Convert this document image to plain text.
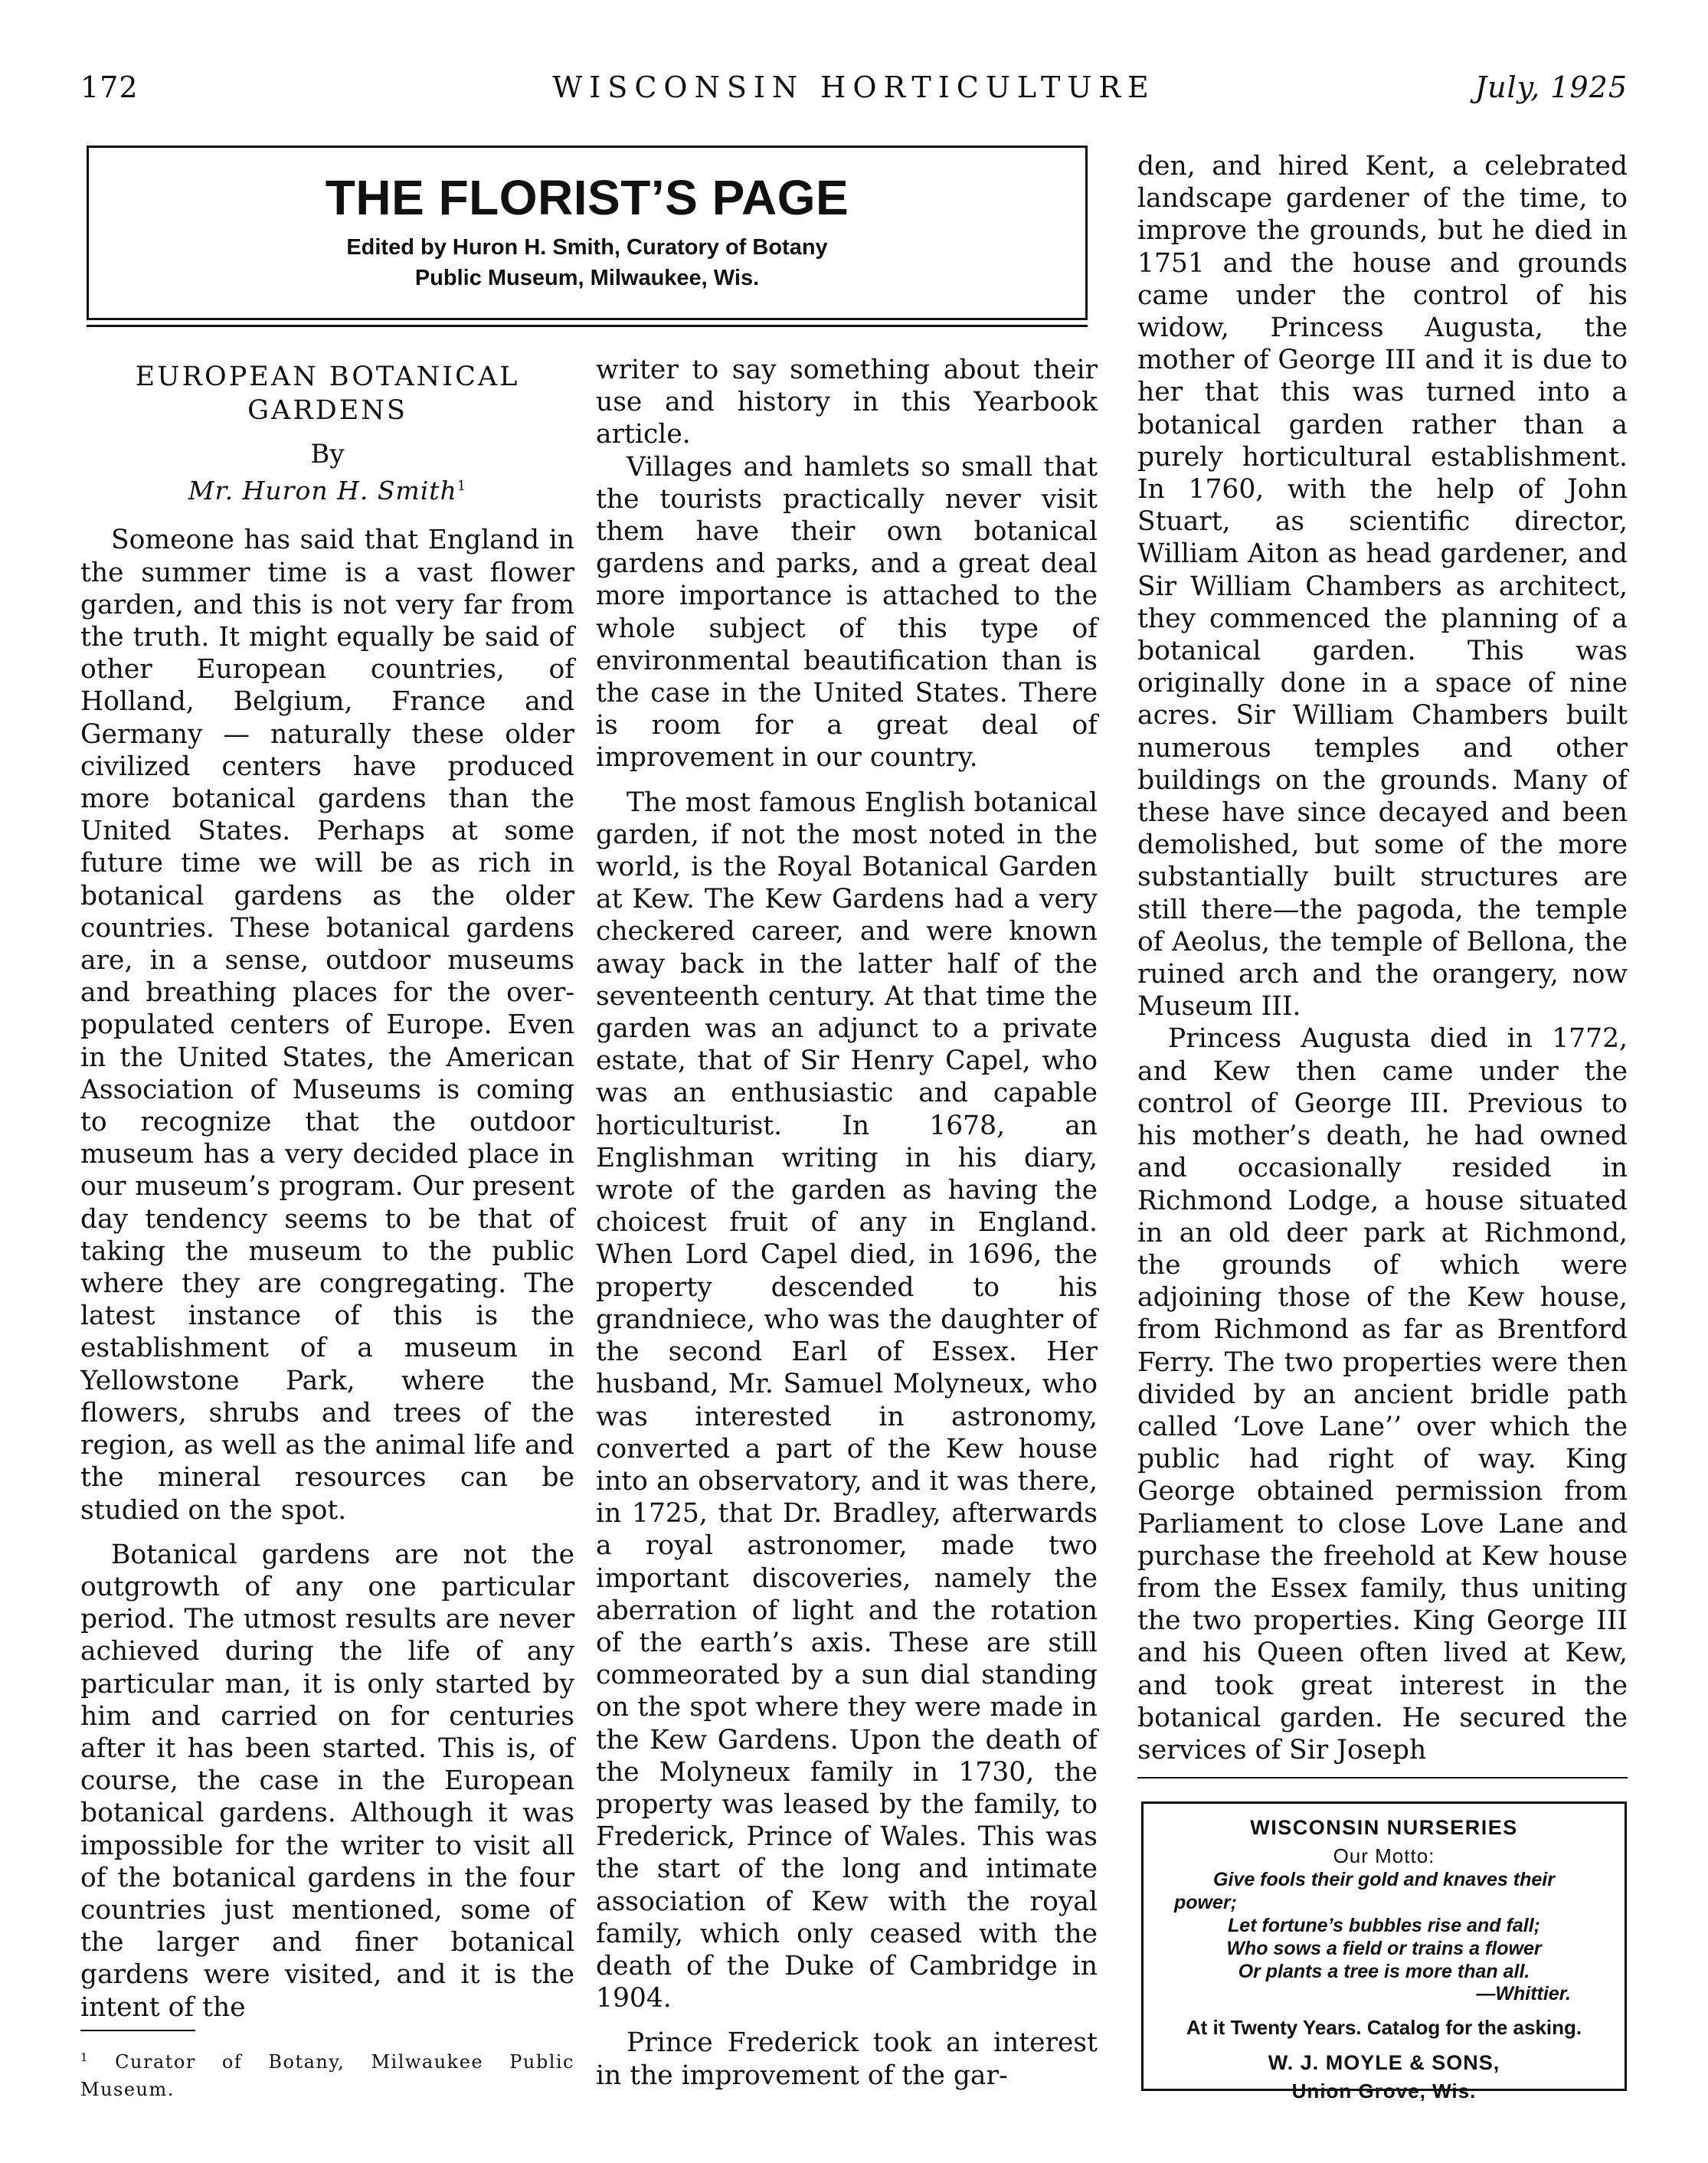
172	WISCONSIN HORTICULTURE	July, 1925
THE FLORIST’S PAGE
Edited by Huron H. Smith, Curatory of Botany
Public Museum, Milwaukee, Wis.
EUROPEAN BOTANICAL
GARDENS
By
Mr. Huron H. Smith$^1$

Someone has said that England in the summer time is a vast flower garden, and this is not very far from the truth. It might equally be said of other European countries, of Holland, Belgium, France and Germany — naturally these older civilized centers have produced more botanical gardens than the United States. Perhaps at some future time we will be as rich in botanical gardens as the older countries. These botanical gardens are, in a sense, outdoor museums and breathing places for the over-populated centers of Europe. Even in the United States, the American Association of Museums is coming to recognize that the outdoor museum has a very decided place in our museum’s program. Our present day tendency seems to be that of taking the museum to the public where they are congregating. The latest instance of this is the establishment of a museum in Yellowstone Park, where the flowers, shrubs and trees of the region, as well as the animal life and the mineral resources can be studied on the spot.

Botanical gardens are not the outgrowth of any one particular period. The utmost results are never achieved during the life of any particular man, it is only started by him and carried on for centuries after it has been started. This is, of course, the case in the European botanical gardens. Although it was impossible for the writer to visit all of the botanical gardens in the four countries just mentioned, some of the larger and finer botanical gardens were visited, and it is the intent of the

$^1$ Curator of Botany, Milwaukee Public Museum.

writer to say something about their use and history in this Yearbook article.

Villages and hamlets so small that the tourists practically never visit them have their own botanical gardens and parks, and a great deal more importance is attached to the whole subject of this type of environmental beautification than is the case in the United States. There is room for a great deal of improvement in our country.

The most famous English botanical garden, if not the most noted in the world, is the Royal Botanical Garden at Kew. The Kew Gardens had a very checkered career, and were known away back in the latter half of the seventeenth century. At that time the garden was an adjunct to a private estate, that of Sir Henry Capel, who was an enthusiastic and capable horticulturist. In 1678, an Englishman writing in his diary, wrote of the garden as having the choicest fruit of any in England. When Lord Capel died, in 1696, the property descended to his grandniece, who was the daughter of the second Earl of Essex. Her husband, Mr. Samuel Molyneux, who was interested in astronomy, converted a part of the Kew house into an observatory, and it was there, in 1725, that Dr. Bradley, afterwards a royal astronomer, made two important discoveries, namely the aberration of light and the rotation of the earth’s axis. These are still commeorated by a sun dial standing on the spot where they were made in the Kew Gardens. Upon the death of the Molyneux family in 1730, the property was leased by the family, to Frederick, Prince of Wales. This was the start of the long and intimate association of Kew with the royal family, which only ceased with the death of the Duke of Cambridge in 1904.

Prince Frederick took an interest in the improvement of the gar-

den, and hired Kent, a celebrated landscape gardener of the time, to improve the grounds, but he died in 1751 and the house and grounds came under the control of his widow, Princess Augusta, the mother of George III and it is due to her that this was turned into a botanical garden rather than a purely horticultural establishment. In 1760, with the help of John Stuart, as scientific director, William Aiton as head gardener, and Sir William Chambers as architect, they commenced the planning of a botanical garden. This was originally done in a space of nine acres. Sir William Chambers built numerous temples and other buildings on the grounds. Many of these have since decayed and been demolished, but some of the more substantially built structures are still there—the pagoda, the temple of Aeolus, the temple of Bellona, the ruined arch and the orangery, now Museum III.

Princess Augusta died in 1772, and Kew then came under the control of George III. Previous to his mother’s death, he had owned and occasionally resided in Richmond Lodge, a house situated in an old deer park at Richmond, the grounds of which were adjoining those of the Kew house, from Richmond as far as Brentford Ferry. The two properties were then divided by an ancient bridle path called ‘Love Lane’’ over which the public had right of way. King George obtained permission from Parliament to close Love Lane and purchase the freehold at Kew house from the Essex family, thus uniting the two properties. King George III and his Queen often lived at Kew, and took great interest in the botanical garden. He secured the services of Sir Joseph

WISCONSIN NURSERIES
Our Motto:
Give fools their gold and knaves their
power;
Let fortune’s bubbles rise and fall;
Who sows a field or trains a flower
Or plants a tree is more than all.
—Whittier.
At it Twenty Years. Catalog for the asking.
W. J. MOYLE & SONS,
Union Grove, Wis.
